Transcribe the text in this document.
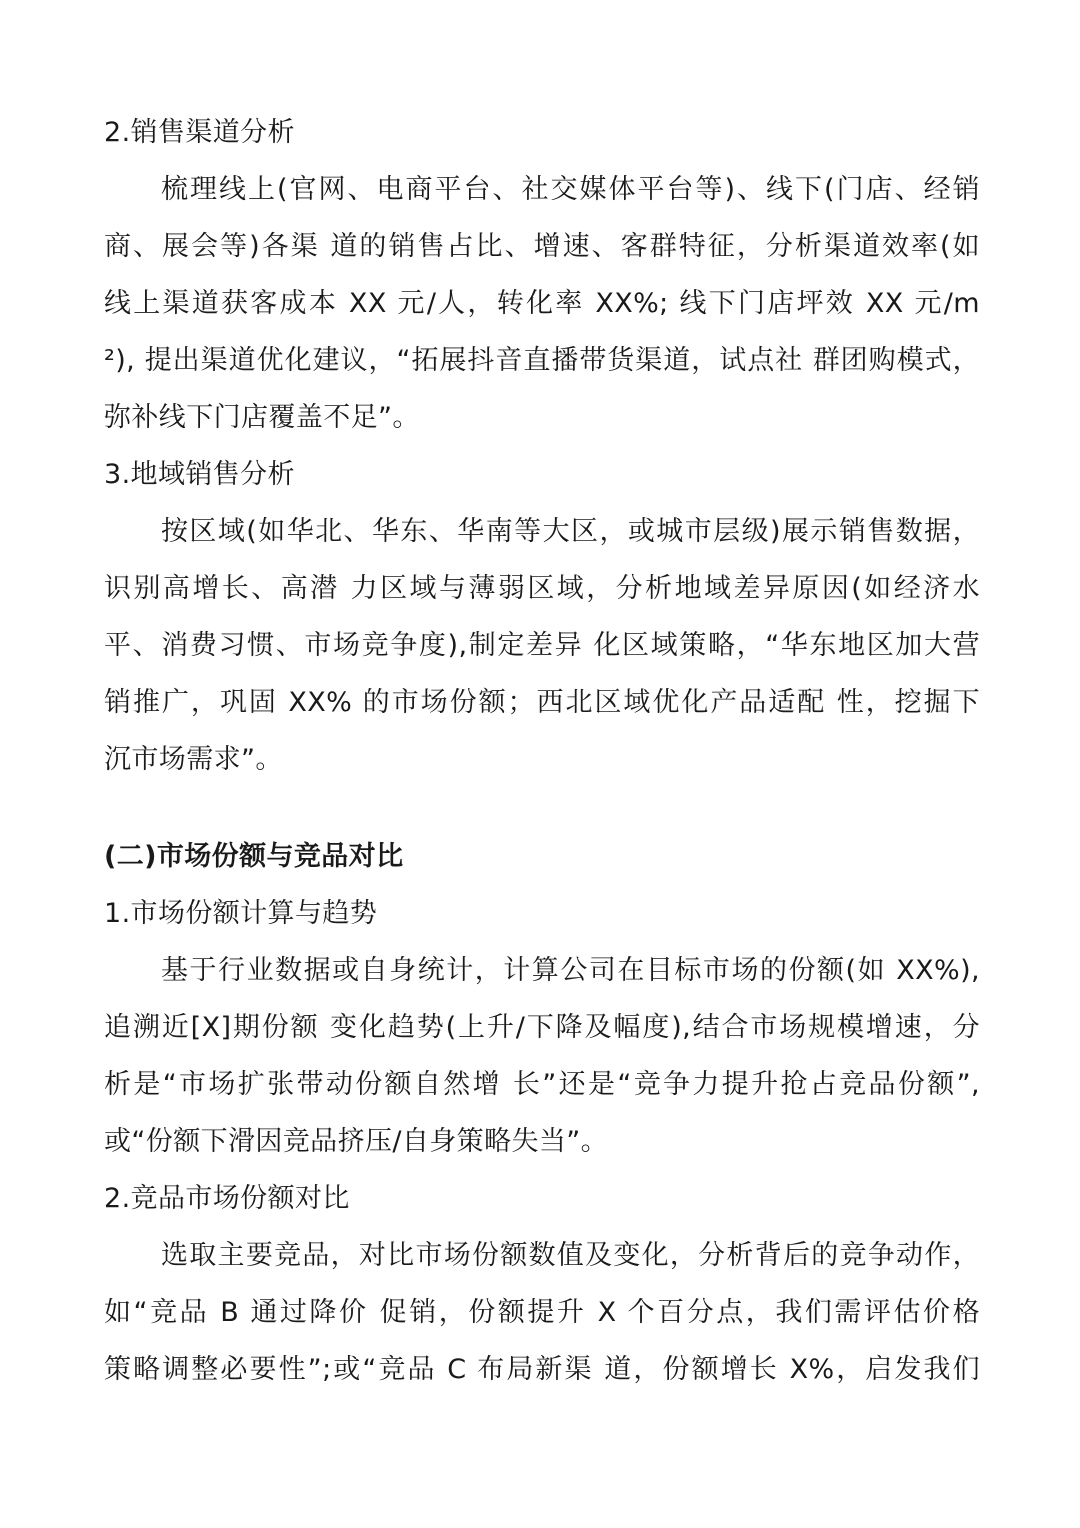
2.销售渠道分析
梳理线上(官网、电商平台、社交媒体平台等)、线下(门店、经销
商、展会等)各渠 道的销售占比、增速、客群特征，分析渠道效率(如
线上渠道获客成本 XX 元/人，转化率 XX%; 线下门店坪效 XX 元/m
²), 提出渠道优化建议，“拓展抖音直播带货渠道，试点社 群团购模式，
弥补线下门店覆盖不足”。
3.地域销售分析
按区域(如华北、华东、华南等大区，或城市层级)展示销售数据，
识别高增长、高潜 力区域与薄弱区域，分析地域差异原因(如经济水
平、消费习惯、市场竞争度),制定差异 化区域策略，“华东地区加大营
销推广，巩固 XX% 的市场份额；西北区域优化产品适配 性，挖掘下
沉市场需求”。
(二)市场份额与竞品对比
1.市场份额计算与趋势
基于行业数据或自身统计，计算公司在目标市场的份额(如 XX%),
追溯近[X]期份额 变化趋势(上升/下降及幅度),结合市场规模增速，分
析是“市场扩张带动份额自然增 长”还是“竞争力提升抢占竞品份额”,
或“份额下滑因竞品挤压/自身策略失当”。
2.竞品市场份额对比
选取主要竞品，对比市场份额数值及变化，分析背后的竞争动作，
如“竞品 B 通过降价 促销，份额提升 X 个百分点，我们需评估价格
策略调整必要性”;或“竞品 C 布局新渠 道，份额增长 X%，启发我们
